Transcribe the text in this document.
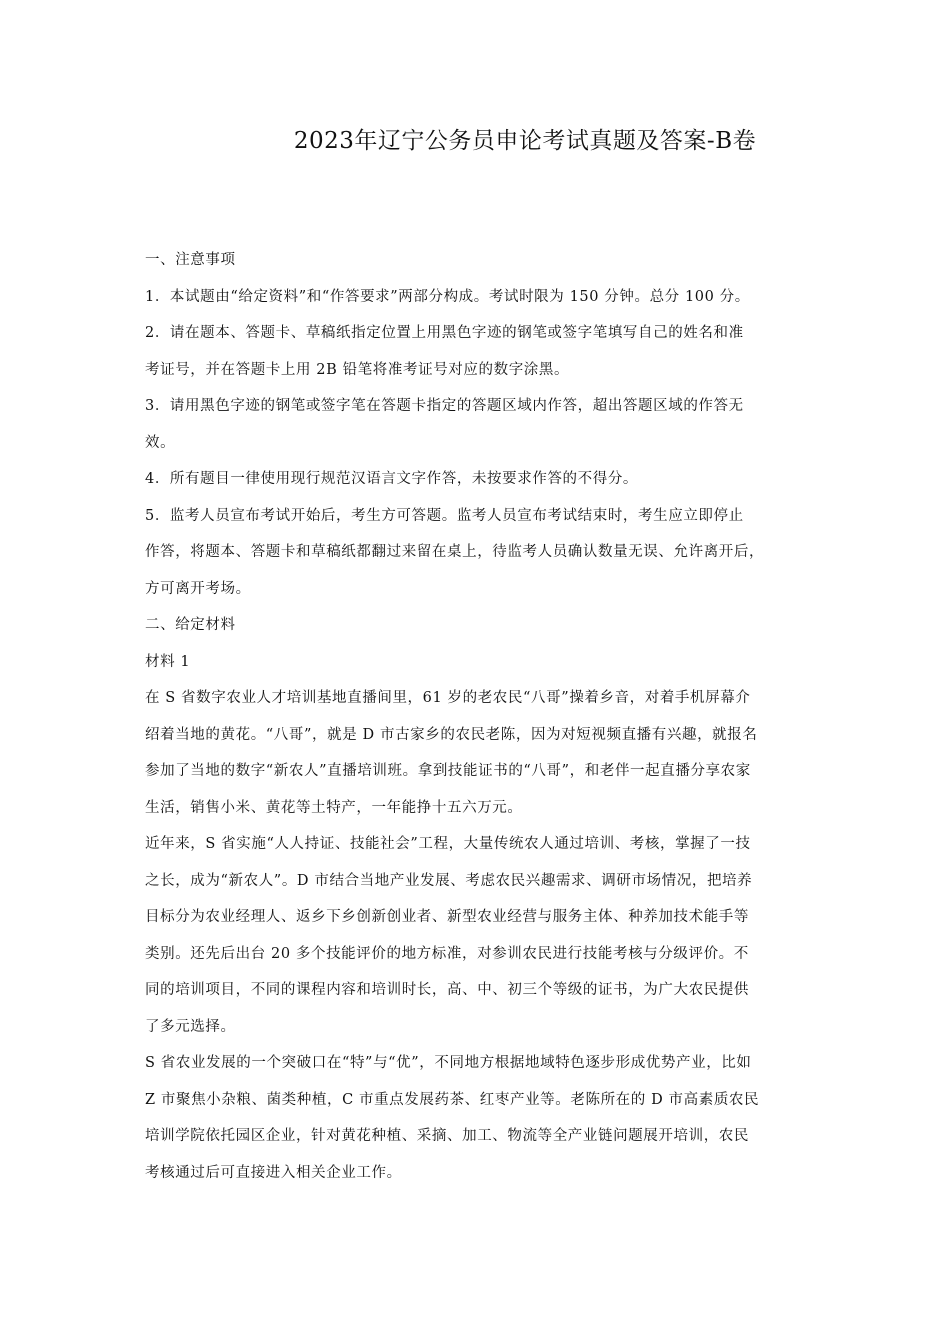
2023年辽宁公务员申论考试真题及答案-B卷
一、注意事项
1．本试题由“给定资料”和“作答要求”两部分构成。考试时限为 150 分钟。总分 100 分。
2．请在题本、答题卡、草稿纸指定位置上用黑色字迹的钢笔或签字笔填写自己的姓名和准
考证号，并在答题卡上用 2B 铅笔将准考证号对应的数字涂黑。
3．请用黑色字迹的钢笔或签字笔在答题卡指定的答题区域内作答，超出答题区域的作答无
效。
4．所有题目一律使用现行规范汉语言文字作答，未按要求作答的不得分。
5．监考人员宣布考试开始后，考生方可答题。监考人员宣布考试结束时，考生应立即停止
作答，将题本、答题卡和草稿纸都翻过来留在桌上，待监考人员确认数量无误、允许离开后，
方可离开考场。
二、给定材料
材料 1
在 S 省数字农业人才培训基地直播间里，61 岁的老农民“八哥”操着乡音，对着手机屏幕介
绍着当地的黄花。“八哥”，就是 D 市古家乡的农民老陈，因为对短视频直播有兴趣，就报名
参加了当地的数字“新农人”直播培训班。拿到技能证书的“八哥”，和老伴一起直播分享农家
生活，销售小米、黄花等土特产，一年能挣十五六万元。
近年来，S 省实施“人人持证、技能社会”工程，大量传统农人通过培训、考核，掌握了一技
之长，成为“新农人”。D 市结合当地产业发展、考虑农民兴趣需求、调研市场情况，把培养
目标分为农业经理人、返乡下乡创新创业者、新型农业经营与服务主体、种养加技术能手等
类别。还先后出台 20 多个技能评价的地方标准，对参训农民进行技能考核与分级评价。不
同的培训项目，不同的课程内容和培训时长，高、中、初三个等级的证书，为广大农民提供
了多元选择。
S 省农业发展的一个突破口在“特”与“优”，不同地方根据地域特色逐步形成优势产业，比如
Z 市聚焦小杂粮、菌类种植，C 市重点发展药茶、红枣产业等。老陈所在的 D 市高素质农民
培训学院依托园区企业，针对黄花种植、采摘、加工、物流等全产业链问题展开培训，农民
考核通过后可直接进入相关企业工作。
